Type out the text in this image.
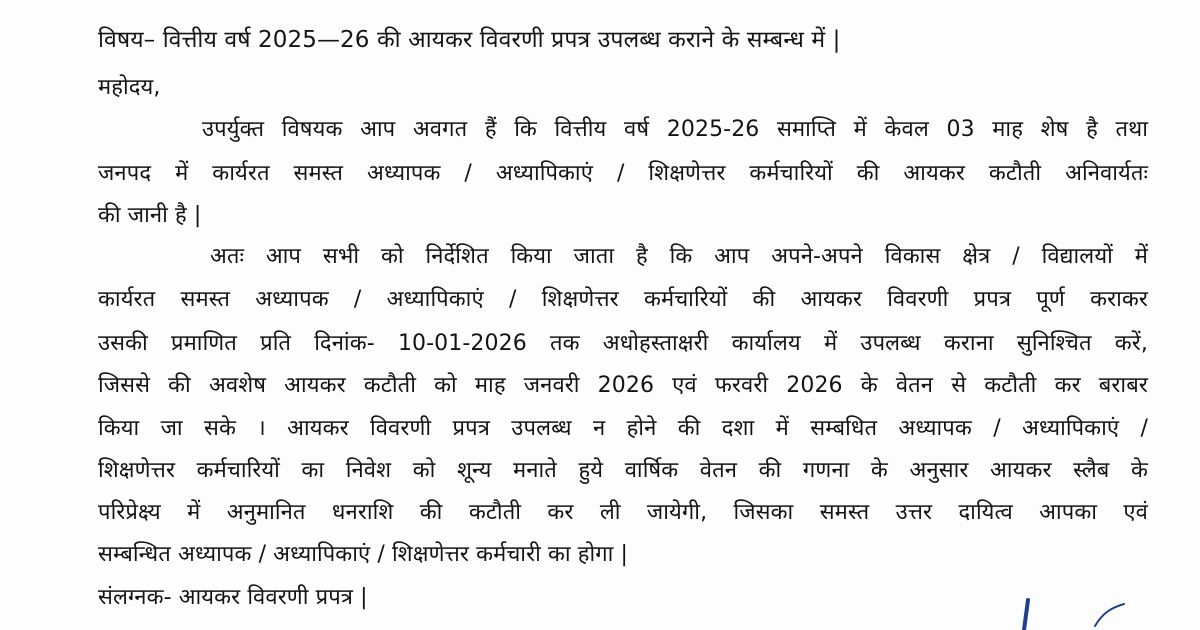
विषय– वित्तीय वर्ष 2025—26 की आयकर विवरणी प्रपत्र उपलब्ध कराने के सम्बन्ध में |
महोदय,
उपर्युक्त विषयक आप अवगत हैं कि वित्तीय वर्ष 2025-26 समाप्ति में केवल 03 माह शेष है तथा
जनपद में कार्यरत समस्त अध्यापक / अध्यापिकाएं / शिक्षणेत्तर कर्मचारियों की आयकर कटौती अनिवार्यतः
की जानी है |
अतः आप सभी को निर्देशित किया जाता है कि आप अपने-अपने विकास क्षेत्र / विद्यालयों में
कार्यरत समस्त अध्यापक / अध्यापिकाएं / शिक्षणेत्तर कर्मचारियों की आयकर विवरणी प्रपत्र पूर्ण कराकर
उसकी प्रमाणित प्रति दिनांक- 10-01-2026 तक अधोहस्ताक्षरी कार्यालय में उपलब्ध कराना सुनिश्चित करें,
जिससे की अवशेष आयकर कटौती को माह जनवरी 2026 एवं फरवरी 2026 के वेतन से कटौती कर बराबर
किया जा सके । आयकर विवरणी प्रपत्र उपलब्ध न होने की दशा में सम्बधित अध्यापक / अध्यापिकाएं /
शिक्षणेत्तर कर्मचारियों का निवेश को शून्य मनाते हुये वार्षिक वेतन की गणना के अनुसार आयकर स्लैब के
परिप्रेक्ष्य में अनुमानित धनराशि की कटौती कर ली जायेगी, जिसका समस्त उत्तर दायित्व आपका एवं
सम्बन्धित अध्यापक / अध्यापिकाएं / शिक्षणेत्तर कर्मचारी का होगा |
संलग्नक- आयकर विवरणी प्रपत्र |
